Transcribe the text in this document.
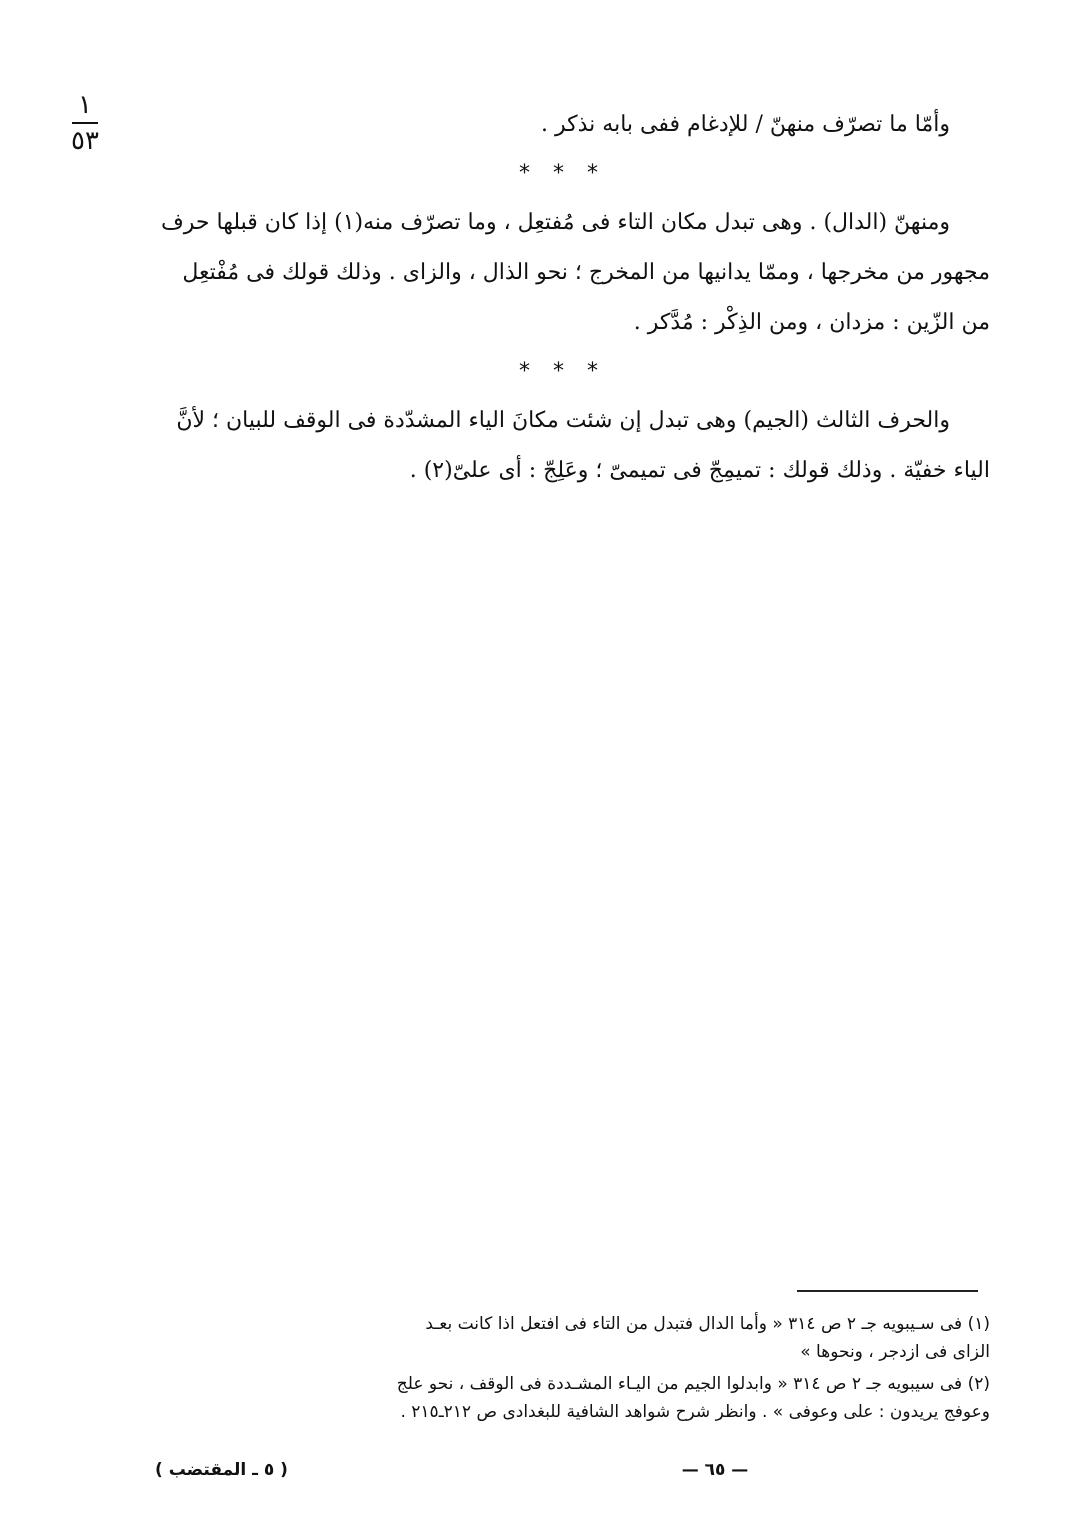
١
٥٣

وأمّا ما تصرّف منهنّ / للإدغام ففى بابه نذكر .

* * *

ومنهنّ (الدال) . وهى تبدل مكان التاء فى مُفتعِل ، وما تصرّف منه(١) إذا كان قبلها حرف
مجهور من مخرجها ، وممّا يدانيها من المخرج ؛ نحو الذال ، والزاى . وذلك قولك فى مُفْتعِل
من الزّين : مزدان ، ومن الذِكْر : مُدَّكر .

* * *

والحرف الثالث (الجيم) وهى تبدل إن شئت مكانَ الياء المشدّدة فى الوقف للبيان ؛ لأنَّ
الياء خفيّة . وذلك قولك : تميمِجّ فى تميمىّ ؛ وعَلِجّ : أى علىّ(٢) .

(١) فى سـيبويه جـ ٢ ص ٣١٤ « وأما الدال فتبدل من التاء فى افتعل اذا كانت بعـد
الزاى فى ازدجر ، ونحوها »
(٢) فى سيبويه جـ ٢ ص ٣١٤ « وابدلوا الجيم من اليـاء المشـددة فى الوقف ، نحو علج
وعوفج يريدون : على وعوفى » . وانظر شرح شواهد الشافية للبغدادى ص ٢١٢ـ٢١٥ .
— ٦٥ —
( ٥ ـ المقتضب )
